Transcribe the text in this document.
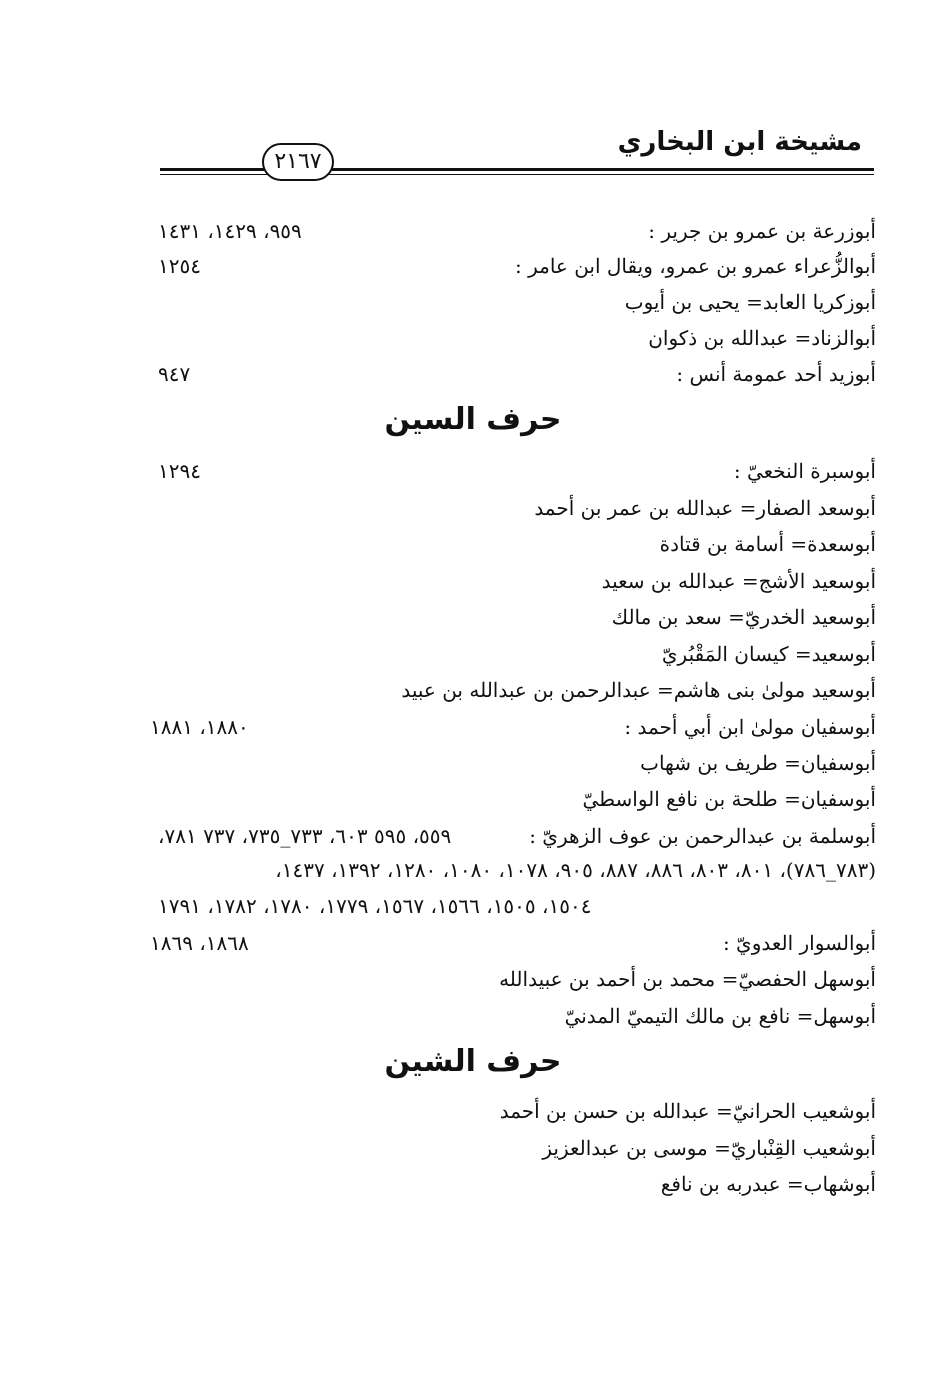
مشيخة ابن البخاري
٢١٦٧
أبوزرعة بن عمرو بن جرير :
٩٥٩، ١٤٢٩، ١٤٣١
أبوالزُّعراء عمرو بن عمرو، ويقال ابن عامر :
١٢٥٤
أبوزكريا العابد= يحيى بن أيوب
أبوالزناد= عبدالله بن ذكوان
أبوزيد أحد عمومة أنس :
٩٤٧
حرف السين
أبوسبرة النخعيّ :
١٢٩٤
أبوسعد الصفار= عبدالله بن عمر بن أحمد
أبوسعدة= أسامة بن قتادة
أبوسعيد الأشج= عبدالله بن سعيد
أبوسعيد الخدريّ= سعد بن مالك
أبوسعيد= كيسان المَقْبُريّ
أبوسعيد مولىٰ بنى هاشم= عبدالرحمن بن عبدالله بن عبيد
أبوسفيان مولىٰ ابن أبي أحمد :
١٨٨٠، ١٨٨١
أبوسفيان= طريف بن شهاب
أبوسفيان= طلحة بن نافع الواسطيّ
أبوسلمة بن عبدالرحمن بن عوف الزهريّ :
٥٥٩، ٥٩٥ ٦٠٣، ٧٣٣_٧٣٥، ٧٣٧ ٧٨١،
(٧٨٣_٧٨٦)، ٨٠١، ٨٠٣، ٨٨٦، ٨٨٧، ٩٠٥، ١٠٧٨، ١٠٨٠، ١٢٨٠، ١٣٩٢، ١٤٣٧،
١٥٠٤، ١٥٠٥، ١٥٦٦، ١٥٦٧، ١٧٧٩، ١٧٨٠، ١٧٨٢، ١٧٩١
أبوالسوار العدويّ :
١٨٦٨، ١٨٦٩
أبوسهل الحفصيّ= محمد بن أحمد بن عبيدالله
أبوسهل= نافع بن مالك التيميّ المدنيّ
حرف الشين
أبوشعيب الحرانيّ= عبدالله بن حسن بن أحمد
أبوشعيب القِنْباريّ= موسى بن عبدالعزيز
أبوشهاب= عبدربه بن نافع
